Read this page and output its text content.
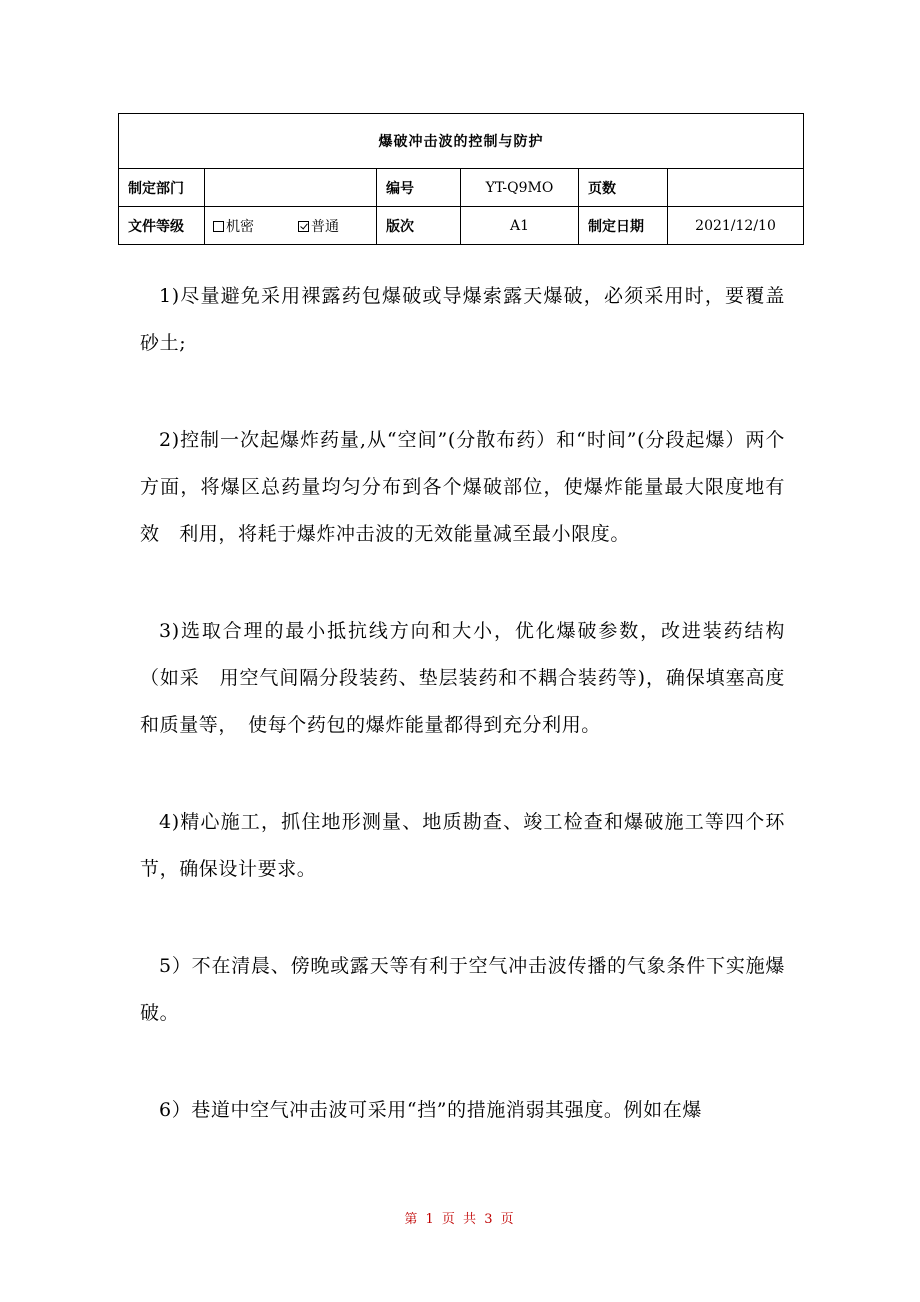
爆破冲击波的控制与防护					
制定部门		编号	YT-Q9MO	页数	
文件等级	机密 普通	版次	A1	制定日期	2021/12/10

1)尽量避免采用裸露药包爆破或导爆索露天爆破，必须采用时，要覆盖砂土;

2)控制一次起爆炸药量,从“空间”(分散布药）和“时间”(分段起爆）两个　方面，将爆区总药量均匀分布到各个爆破部位，使爆炸能量最大限度地有效　利用，将耗于爆炸冲击波的无效能量减至最小限度。

3)选取合理的最小抵抗线方向和大小，优化爆破参数，改进装药结构（如采　用空气间隔分段装药、垫层装药和不耦合装药等)，确保填塞高度和质量等，　使每个药包的爆炸能量都得到充分利用。

4)精心施工，抓住地形测量、地质勘查、竣工检查和爆破施工等四个环节，确保设计要求。

5）不在清晨、傍晚或露天等有利于空气冲击波传播的气象条件下实施爆破。

6）巷道中空气冲击波可采用“挡”的措施消弱其强度。例如在爆

第 1 页 共 3 页
